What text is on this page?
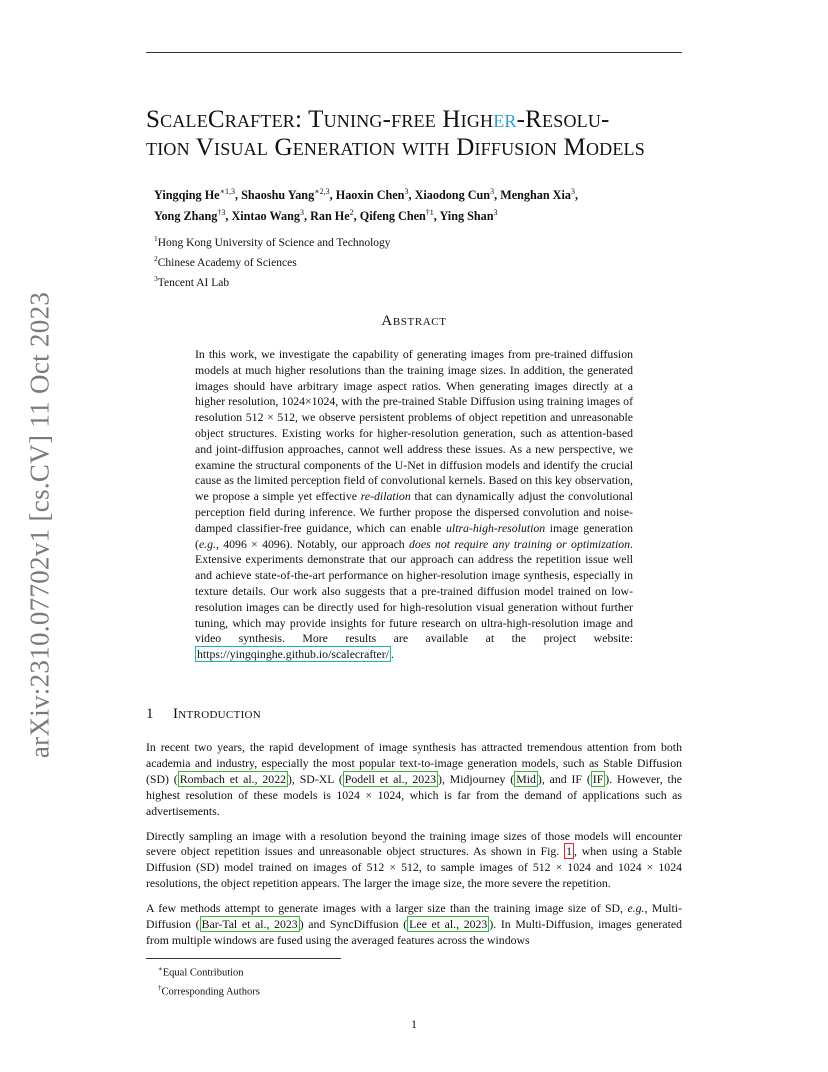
arXiv:2310.07702v1 [cs.CV] 11 Oct 2023
ScaleCrafter: Tuning-free Higher-Resolu-
tion Visual Generation with Diffusion Models
Yingqing $He^{∗1,3}$, Shaoshu Yang$^{∗2,3}$, Haoxin Chen$^3$, Xiaodong Cun$^3$, Menghan Xia$^3$,
Yong Zhang$^{\dagger 3}$, Xintao Wang$^3$, Ran He$^2$, Qifeng Chen$^{\dagger 1}$, Ying Shan$^3$
$^1$Hong Kong University of Science and Technology
$^2$Chinese Academy of Sciences
$^3$Tencent AI Lab
Abstract
In this work, we investigate the capability of generating images from pre-trained diffusion models at much higher resolutions than the training image sizes. In addition, the generated images should have arbitrary image aspect ratios. When generating images directly at a higher resolution, 1024×1024, with the pre-trained Stable Diffusion using training images of resolution 512 × 512, we observe persistent problems of object repetition and unreasonable object structures. Existing works for higher-resolution generation, such as attention-based and joint-diffusion approaches, cannot well address these issues. As a new perspective, we examine the structural components of the U-Net in diffusion models and identify the crucial cause as the limited perception field of convolutional kernels. Based on this key observation, we propose a simple yet effective re-dilation that can dynamically adjust the convolutional perception field during inference. We further propose the dispersed convolution and noise-damped classifier-free guidance, which can enable ultra-high-resolution image generation (e.g., 4096 × 4096). Notably, our approach does not require any training or optimization. Extensive experiments demonstrate that our approach can address the repetition issue well and achieve state-of-the-art performance on higher-resolution image synthesis, especially in texture details. Our work also suggests that a pre-trained diffusion model trained on low-resolution images can be directly used for high-resolution visual generation without further tuning, which may provide insights for future research on ultra-high-resolution image and video synthesis. More results are available at the project website: https://yingqinghe.github.io/scalecrafter/ .
1 Introduction

In recent two years, the rapid development of image synthesis has attracted tremendous attention from both academia and industry, especially the most popular text-to-image generation models, such as Stable Diffusion (SD) ( Rombach et al., 2022 ), SD-XL ( Podell et al., 2023 ), Midjourney ( Mid ), and IF ( IF ). However, the highest resolution of these models is 1024 × 1024, which is far from the demand of applications such as advertisements.

Directly sampling an image with a resolution beyond the training image sizes of those models will encounter severe object repetition issues and unreasonable object structures. As shown in Fig. 1 , when using a Stable Diffusion (SD) model trained on images of 512 × 512, to sample images of 512 × 1024 and 1024 × 1024 resolutions, the object repetition appears. The larger the image size, the more severe the repetition.

A few methods attempt to generate images with a larger size than the training image size of SD, e.g., Multi-Diffusion ( Bar-Tal et al., 2023 ) and SyncDiffusion ( Lee et al., 2023 ). In Multi-Diffusion, images generated from multiple windows are fused using the averaged features across the windows

∗Equal Contribution
†Corresponding Authors
1
